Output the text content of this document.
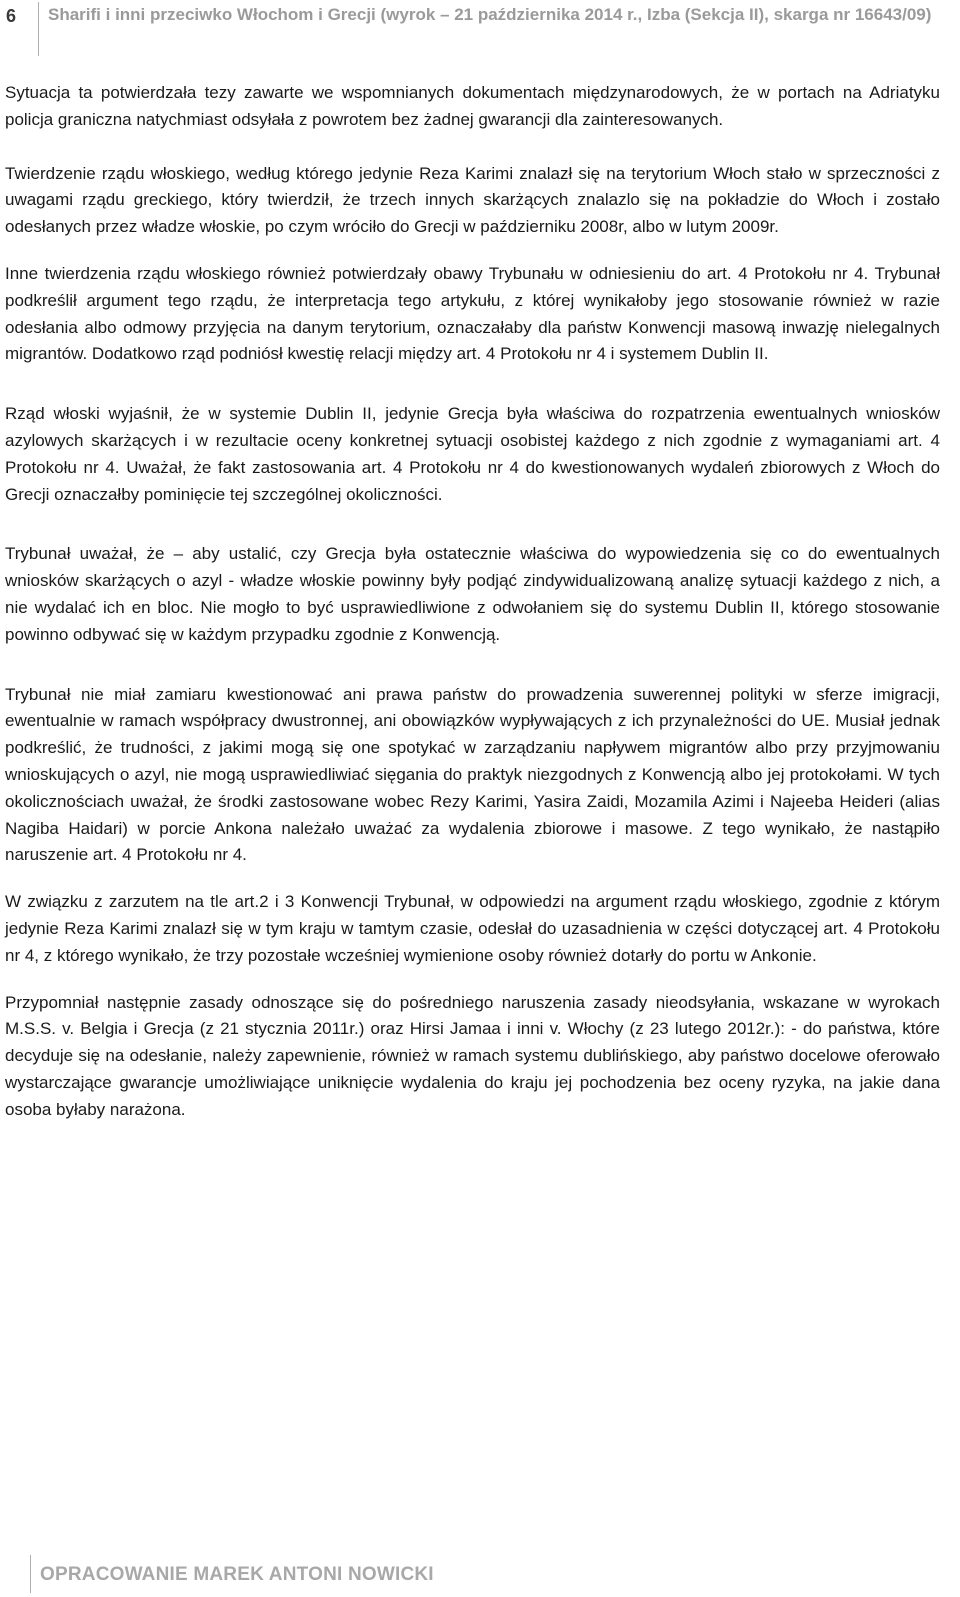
6 Sharifi i inni przeciwko Włochom i Grecji (wyrok – 21 października 2014 r., Izba (Sekcja II), skarga nr 16643/09)

Sytuacja ta potwierdzała tezy zawarte we wspomnianych dokumentach międzynarodowych, że w portach na Adriatyku policja graniczna natychmiast odsyłała z powrotem bez żadnej gwarancji dla zainteresowanych.

Twierdzenie rządu włoskiego, według którego jedynie Reza Karimi znalazł się na terytorium Włoch stało w sprzeczności z uwagami rządu greckiego, który twierdził, że trzech innych skarżących znalazlo się na pokładzie do Włoch i zostało odesłanych przez władze włoskie, po czym wróciło do Grecji w październiku 2008r, albo w lutym 2009r.

Inne twierdzenia rządu włoskiego również potwierdzały obawy Trybunału w odniesieniu do art. 4 Protokołu nr 4. Trybunał podkreślił argument tego rządu, że interpretacja tego artykułu, z której wynikałoby jego stosowanie również w razie odesłania albo odmowy przyjęcia na danym terytorium, oznaczałaby dla państw Konwencji masową inwazję nielegalnych migrantów. Dodatkowo rząd podniósł kwestię relacji między art. 4 Protokołu nr 4 i systemem Dublin II.

Rząd włoski wyjaśnił, że w systemie Dublin II, jedynie Grecja była właściwa do rozpatrzenia ewentualnych wniosków azylowych skarżących i w rezultacie oceny konkretnej sytuacji osobistej każdego z nich zgodnie z wymaganiami art. 4 Protokołu nr 4. Uważał, że fakt zastosowania art. 4 Protokołu nr 4 do kwestionowanych wydaleń zbiorowych z Włoch do Grecji oznaczałby pominięcie tej szczególnej okoliczności.

Trybunał uważał, że – aby ustalić, czy Grecja była ostatecznie właściwa do wypowiedzenia się co do ewentualnych wniosków skarżących o azyl - władze włoskie powinny były podjąć zindywidualizowaną analizę sytuacji każdego z nich, a nie wydalać ich en bloc. Nie mogło to być usprawiedliwione z odwołaniem się do systemu Dublin II, którego stosowanie powinno odbywać się w każdym przypadku zgodnie z Konwencją.

Trybunał nie miał zamiaru kwestionować ani prawa państw do prowadzenia suwerennej polityki w sferze imigracji, ewentualnie w ramach współpracy dwustronnej, ani obowiązków wypływających z ich przynależności do UE. Musiał jednak podkreślić, że trudności, z jakimi mogą się one spotykać w zarządzaniu napływem migrantów albo przy przyjmowaniu wnioskujących o azyl, nie mogą usprawiedliwiać sięgania do praktyk niezgodnych z Konwencją albo jej protokołami. W tych okolicznościach uważał, że środki zastosowane wobec Rezy Karimi, Yasira Zaidi, Mozamila Azimi i Najeeba Heideri (alias Nagiba Haidari) w porcie Ankona należało uważać za wydalenia zbiorowe i masowe. Z tego wynikało, że nastąpiło naruszenie art. 4 Protokołu nr 4.

W związku z zarzutem na tle art.2 i 3 Konwencji Trybunał, w odpowiedzi na argument rządu włoskiego, zgodnie z którym jedynie Reza Karimi znalazł się w tym kraju w tamtym czasie, odesłał do uzasadnienia w części dotyczącej art. 4 Protokołu nr 4, z którego wynikało, że trzy pozostałe wcześniej wymienione osoby również dotarły do portu w Ankonie.

Przypomniał następnie zasady odnoszące się do pośredniego naruszenia zasady nieodsyłania, wskazane w wyrokach M.S.S. v. Belgia i Grecja (z 21 stycznia 2011r.) oraz Hirsi Jamaa i inni v. Włochy (z 23 lutego 2012r.): - do państwa, które decyduje się na odesłanie, należy zapewnienie, również w ramach systemu dublińskiego, aby państwo docelowe oferowało wystarczające gwarancje umożliwiające uniknięcie wydalenia do kraju jej pochodzenia bez oceny ryzyka, na jakie dana osoba byłaby narażona.

OPRACOWANIE MAREK ANTONI NOWICKI
